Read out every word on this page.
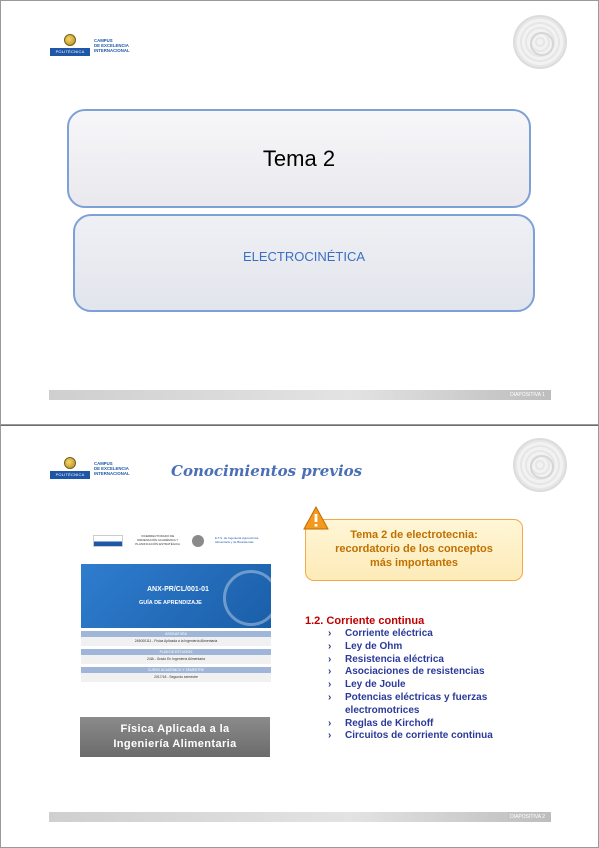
POLITÉCNICA
CAMPUS
DE EXCELENCIA
INTERNACIONAL
Tema 2
ELECTROCINÉTICA
DIAPOSITIVA 1
POLITÉCNICA
CAMPUS
DE EXCELENCIA
INTERNACIONAL	Conocimientos previos
VICERRECTORADO DE ORDENACIÓN ACADÉMICA Y PLANIFICACIÓN ESTRATÉGICA
E.T.S. de Ingeniería Agronómica, Alimentaria y de Biosistemas
ANX-PR/CL/001-01
GUÍA DE APRENDIZAJE
ASIGNATURA
245000111 - Física Aplicada a la Ingeniería Alimentaria
PLAN DE ESTUDIOS
24IA - Grado En Ingeniería Alimentaria
CURSO ACADÉMICO Y SEMESTRE
2017/18 - Segundo semestre
Física Aplicada a la
Ingeniería Alimentaria
Tema 2 de electrotecnia:
recordatorio de los conceptos
más importantes
1.2. Corriente continua
› Corriente eléctrica
› Ley de Ohm
› Resistencia eléctrica
› Asociaciones de resistencias
› Ley de Joule
› Potencias eléctricas y fuerzas electromotrices
› Reglas de Kirchoff
› Circuitos de corriente continua
DIAPOSITIVA 2
